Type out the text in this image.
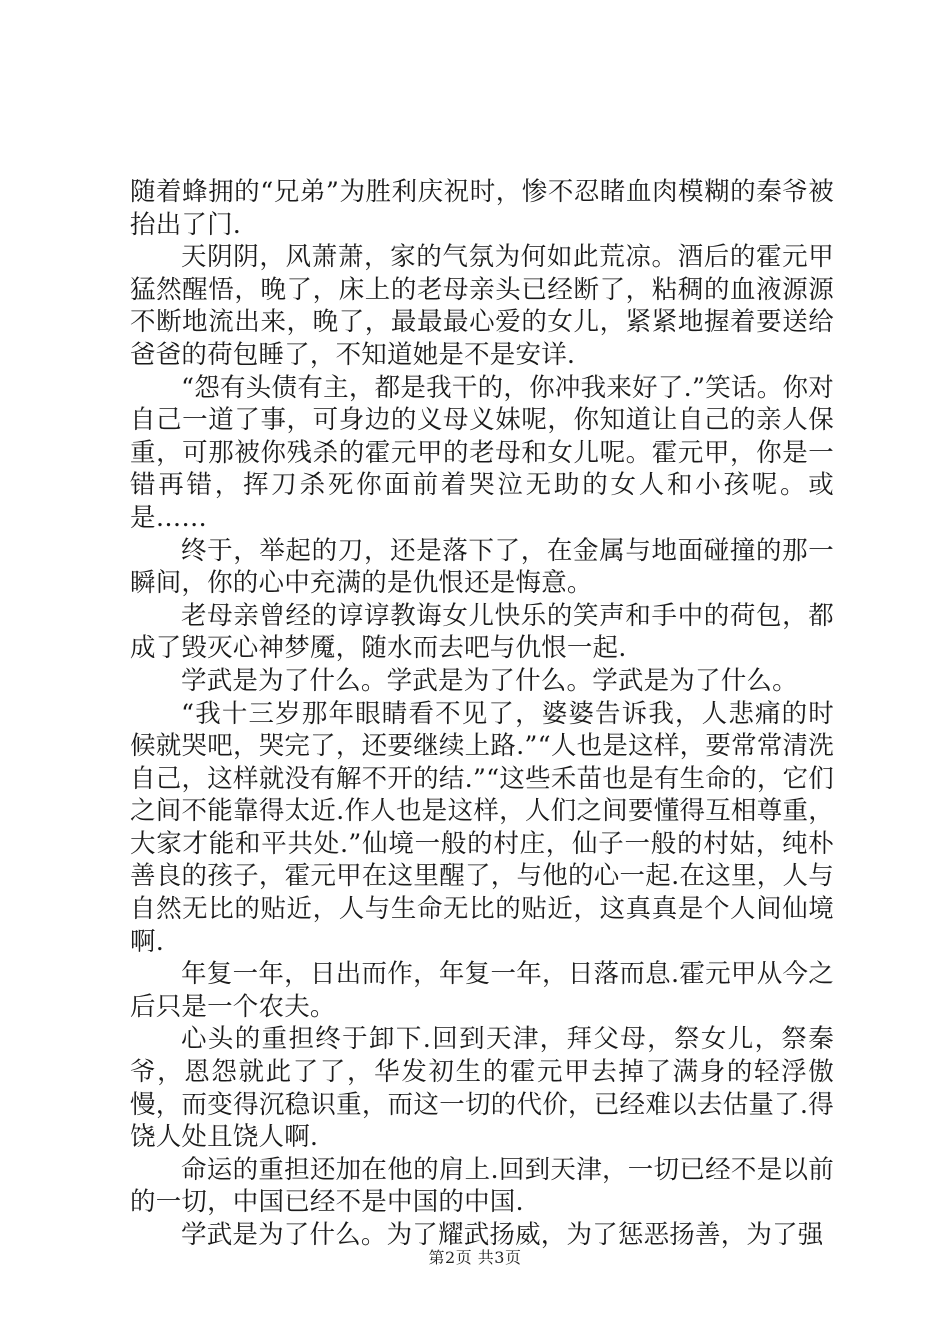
随着蜂拥的“兄弟”为胜利庆祝时，惨不忍睹血肉模糊的秦爷被抬出了门.

天阴阴，风萧萧，家的气氛为何如此荒凉。酒后的霍元甲猛然醒悟，晚了，床上的老母亲头已经断了，粘稠的血液源源不断地流出来，晚了，最最最心爱的女儿，紧紧地握着要送给爸爸的荷包睡了，不知道她是不是安详.

“怨有头债有主，都是我干的，你冲我来好了.”笑话。你对自己一道了事，可身边的义母义妹呢，你知道让自己的亲人保重，可那被你残杀的霍元甲的老母和女儿呢。霍元甲，你是一错再错，挥刀杀死你面前着哭泣无助的女人和小孩呢。或是……

终于，举起的刀，还是落下了，在金属与地面碰撞的那一瞬间，你的心中充满的是仇恨还是悔意。

老母亲曾经的谆谆教诲女儿快乐的笑声和手中的荷包，都成了毁灭心神梦魇，随水而去吧与仇恨一起.

学武是为了什么。学武是为了什么。学武是为了什么。

“我十三岁那年眼睛看不见了，婆婆告诉我，人悲痛的时候就哭吧，哭完了，还要继续上路.”“人也是这样，要常常清洗自己，这样就没有解不开的结.”“这些禾苗也是有生命的，它们之间不能靠得太近.作人也是这样，人们之间要懂得互相尊重，大家才能和平共处.”仙境一般的村庄，仙子一般的村姑，纯朴善良的孩子，霍元甲在这里醒了，与他的心一起.在这里，人与自然无比的贴近，人与生命无比的贴近，这真真是个人间仙境啊.

年复一年，日出而作，年复一年，日落而息.霍元甲从今之后只是一个农夫。

心头的重担终于卸下.回到天津，拜父母，祭女儿，祭秦爷，恩怨就此了了，华发初生的霍元甲去掉了满身的轻浮傲慢，而变得沉稳识重，而这一切的代价，已经难以去估量了.得饶人处且饶人啊.

命运的重担还加在他的肩上.回到天津，一切已经不是以前的一切，中国已经不是中国的中国.

学武是为了什么。为了耀武扬威，为了惩恶扬善，为了强

第2页 共3页
